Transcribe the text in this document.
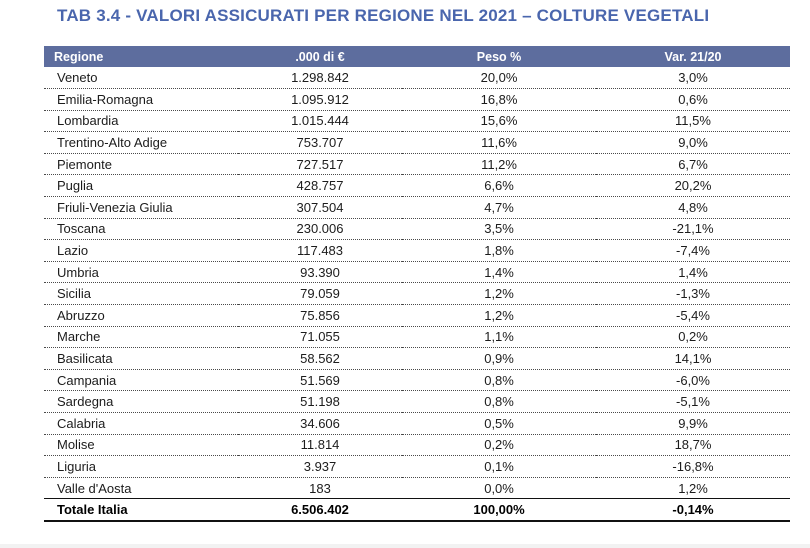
TAB 3.4 - VALORI ASSICURATI PER REGIONE NEL 2021 – COLTURE VEGETALI
Regione	.000 di €	Peso %	Var. 21/20
Veneto	1.298.842	20,0%	3,0%
Emilia-Romagna	1.095.912	16,8%	0,6%
Lombardia	1.015.444	15,6%	11,5%
Trentino-Alto Adige	753.707	11,6%	9,0%
Piemonte	727.517	11,2%	6,7%
Puglia	428.757	6,6%	20,2%
Friuli-Venezia Giulia	307.504	4,7%	4,8%
Toscana	230.006	3,5%	-21,1%
Lazio	117.483	1,8%	-7,4%
Umbria	93.390	1,4%	1,4%
Sicilia	79.059	1,2%	-1,3%
Abruzzo	75.856	1,2%	-5,4%
Marche	71.055	1,1%	0,2%
Basilicata	58.562	0,9%	14,1%
Campania	51.569	0,8%	-6,0%
Sardegna	51.198	0,8%	-5,1%
Calabria	34.606	0,5%	9,9%
Molise	11.814	0,2%	18,7%
Liguria	3.937	0,1%	-16,8%
Valle d'Aosta	183	0,0%	1,2%
Totale Italia	6.506.402	100,00%	-0,14%
